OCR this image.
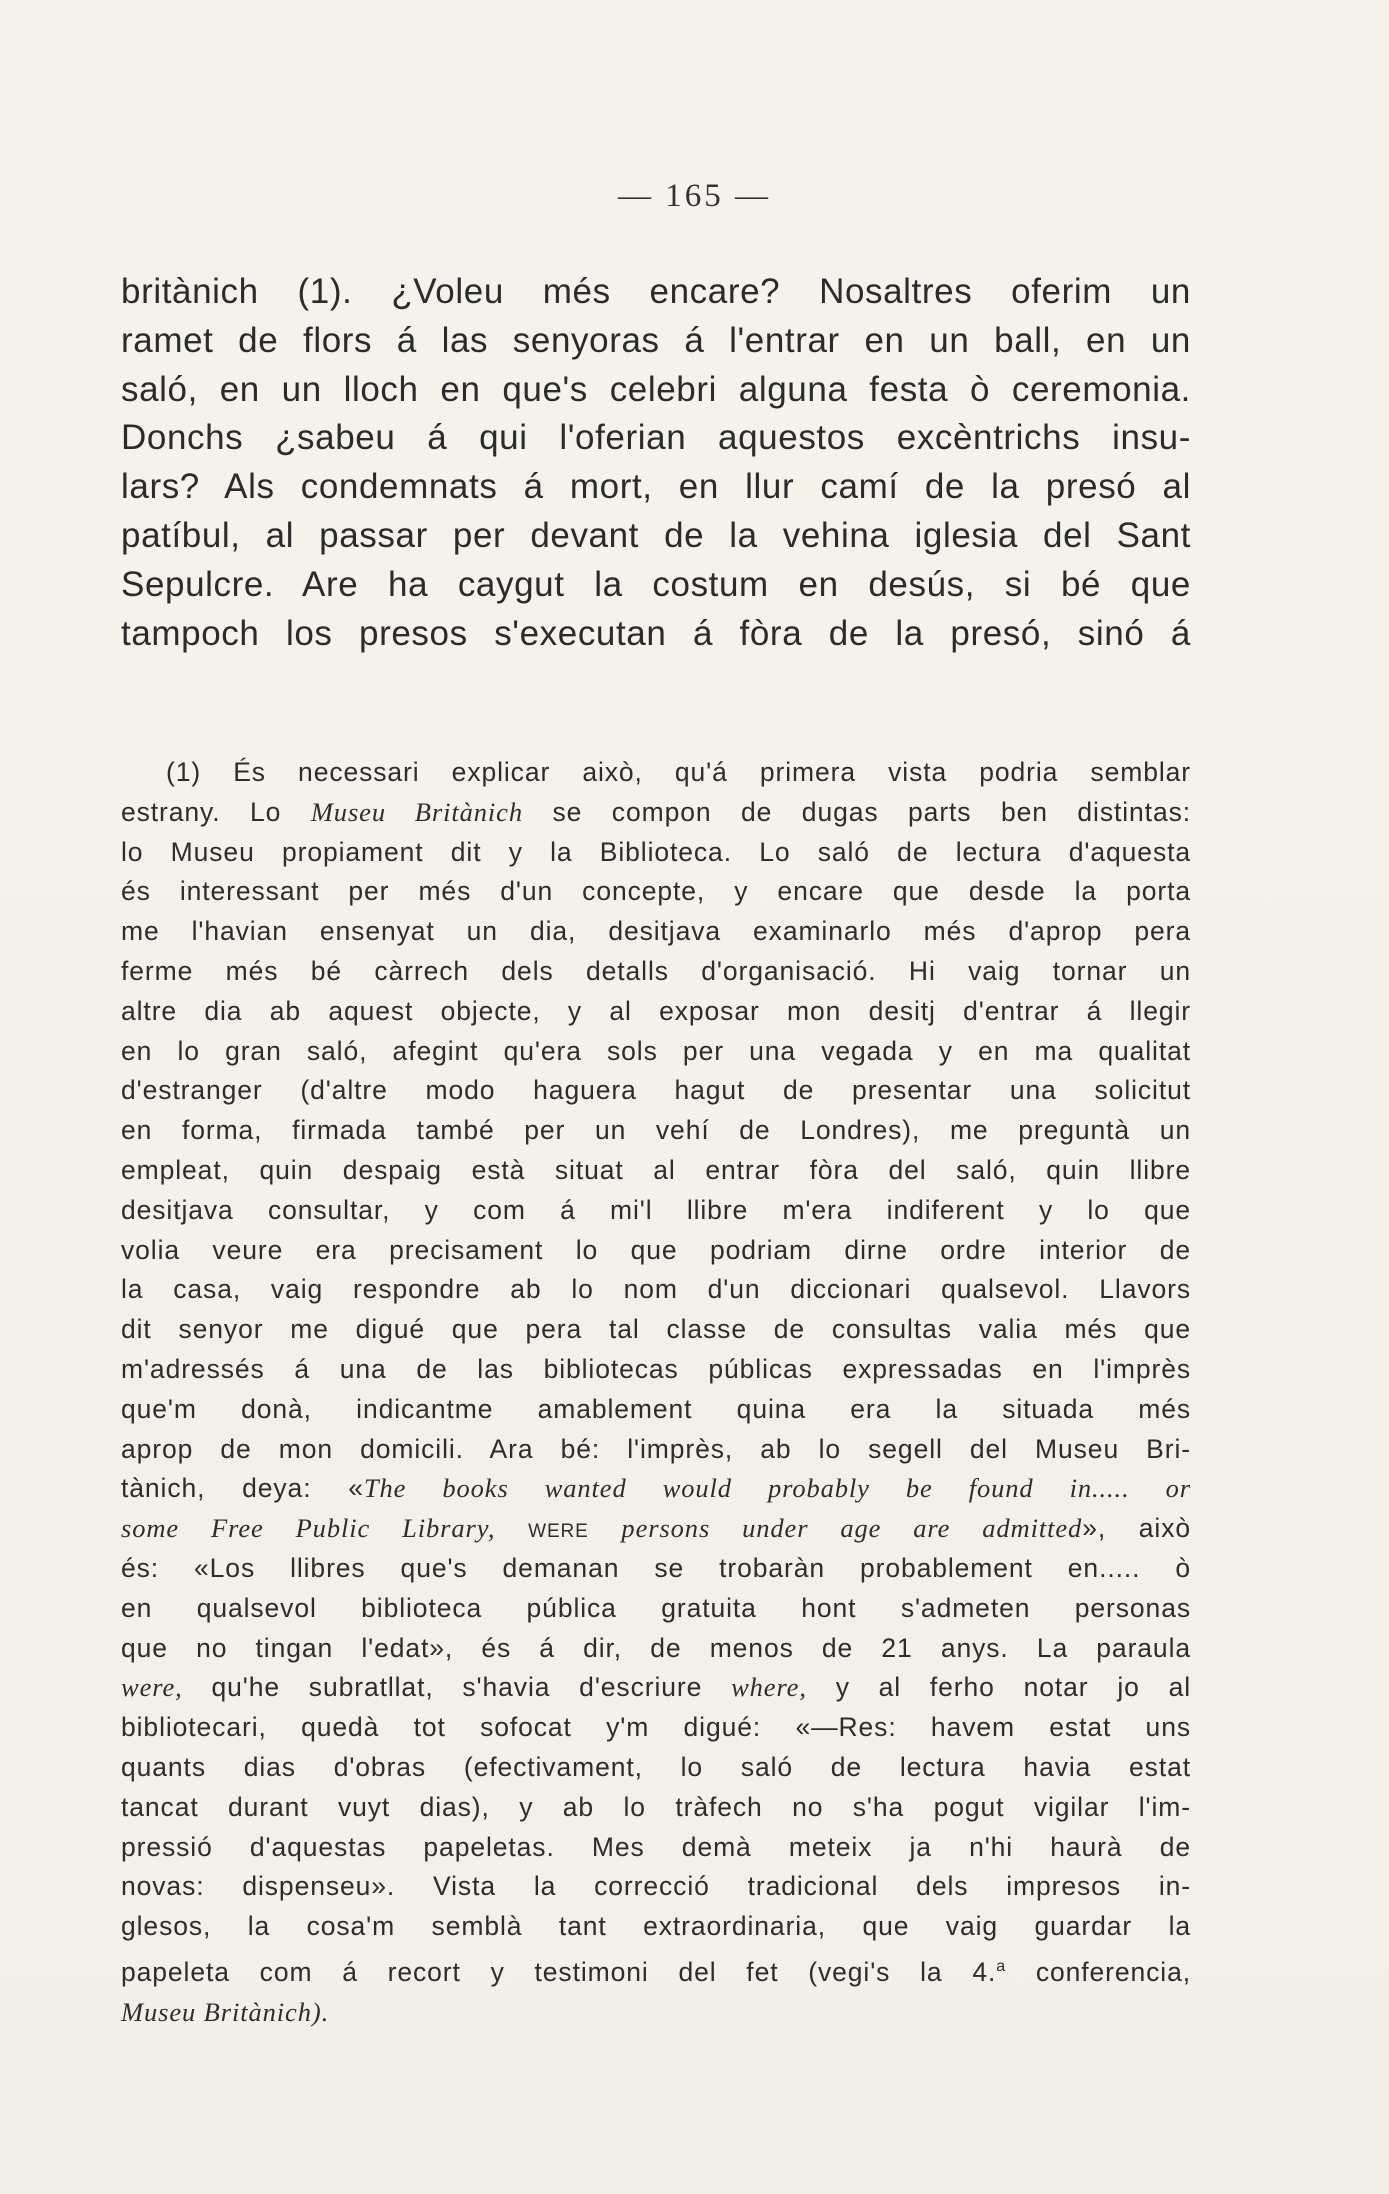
— 165 —
britànich (1). ¿Voleu més encare? Nosaltres oferim un
ramet de flors á las senyoras á l'entrar en un ball, en un
saló, en un lloch en que's celebri alguna festa ò ceremonia.
Donchs ¿sabeu á qui l'oferian aquestos excèntrichs insu-
lars? Als condemnats á mort, en llur camí de la presó al
patíbul, al passar per devant de la vehina iglesia del Sant
Sepulcre. Are ha caygut la costum en desús, si bé que
tampoch los presos s'executan á fòra de la presó, sinó á
(1) És necessari explicar això, qu'á primera vista podria semblar
estrany. Lo Museu Britànich se compon de dugas parts ben distintas:
lo Museu propiament dit y la Biblioteca. Lo saló de lectura d'aquesta
és interessant per més d'un concepte, y encare que desde la porta
me l'havian ensenyat un dia, desitjava examinarlo més d'aprop pera
ferme més bé càrrech dels detalls d'organisació. Hi vaig tornar un
altre dia ab aquest objecte, y al exposar mon desitj d'entrar á llegir
en lo gran saló, afegint qu'era sols per una vegada y en ma qualitat
d'estranger (d'altre modo haguera hagut de presentar una solicitut
en forma, firmada també per un vehí de Londres), me preguntà un
empleat, quin despaig està situat al entrar fòra del saló, quin llibre
desitjava consultar, y com á mi'l llibre m'era indiferent y lo que
volia veure era precisament lo que podriam dirne ordre interior de
la casa, vaig respondre ab lo nom d'un diccionari qualsevol. Llavors
dit senyor me digué que pera tal classe de consultas valia més que
m'adressés á una de las bibliotecas públicas expressadas en l'imprès
que'm donà, indicantme amablement quina era la situada més
aprop de mon domicili. Ara bé: l'imprès, ab lo segell del Museu Bri-
tànich, deya: «The books wanted would probably be found in..... or
some Free Public Library, were persons under age are admitted», això
és: «Los llibres que's demanan se trobaràn probablement en..... ò
en qualsevol biblioteca pública gratuita hont s'admeten personas
que no tingan l'edat», és á dir, de menos de 21 anys. La paraula
were, qu'he subratllat, s'havia d'escriure where, y al ferho notar jo al
bibliotecari, quedà tot sofocat y'm digué: «—Res: havem estat uns
quants dias d'obras (efectivament, lo saló de lectura havia estat
tancat durant vuyt dias), y ab lo tràfech no s'ha pogut vigilar l'im-
pressió d'aquestas papeletas. Mes demà meteix ja n'hi haurà de
novas: dispenseu». Vista la correcció tradicional dels impresos in-
glesos, la cosa'm semblà tant extraordinaria, que vaig guardar la
papeleta com á recort y testimoni del fet (vegi's la 4.$^a$ conferencia,
Museu Britànich).
